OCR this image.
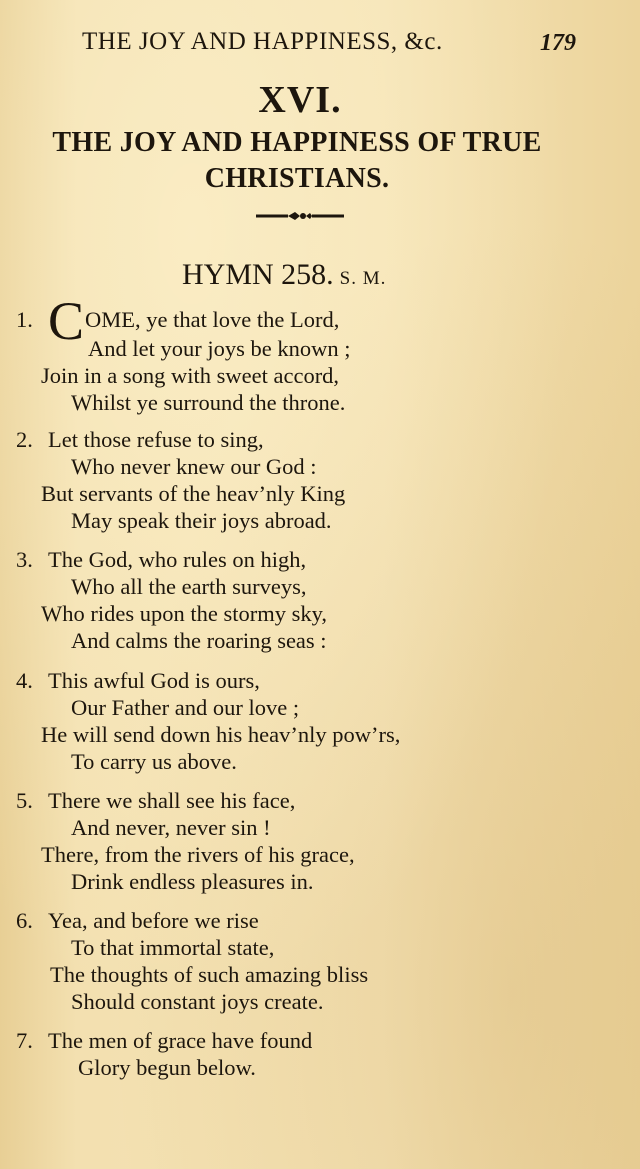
THE JOY AND HAPPINESS, &c.	179
XVI.
THE JOY AND HAPPINESS OF TRUE
CHRISTIANS.
HYMN 258. S. M.
1. COME, ye that love the Lord,
And let your joys be known ;
Join in a song with sweet accord,
Whilst ye surround the throne.
2. Let those refuse to sing,
Who never knew our God :
But servants of the heav’nly King
May speak their joys abroad.
3. The God, who rules on high,
Who all the earth surveys,
Who rides upon the stormy sky,
And calms the roaring seas :
4. This awful God is ours,
Our Father and our love ;
He will send down his heav’nly pow’rs,
To carry us above.
5. There we shall see his face,
And never, never sin !
There, from the rivers of his grace,
Drink endless pleasures in.
6. Yea, and before we rise
To that immortal state,
The thoughts of such amazing bliss
Should constant joys create.
7. The men of grace have found
Glory begun below.
